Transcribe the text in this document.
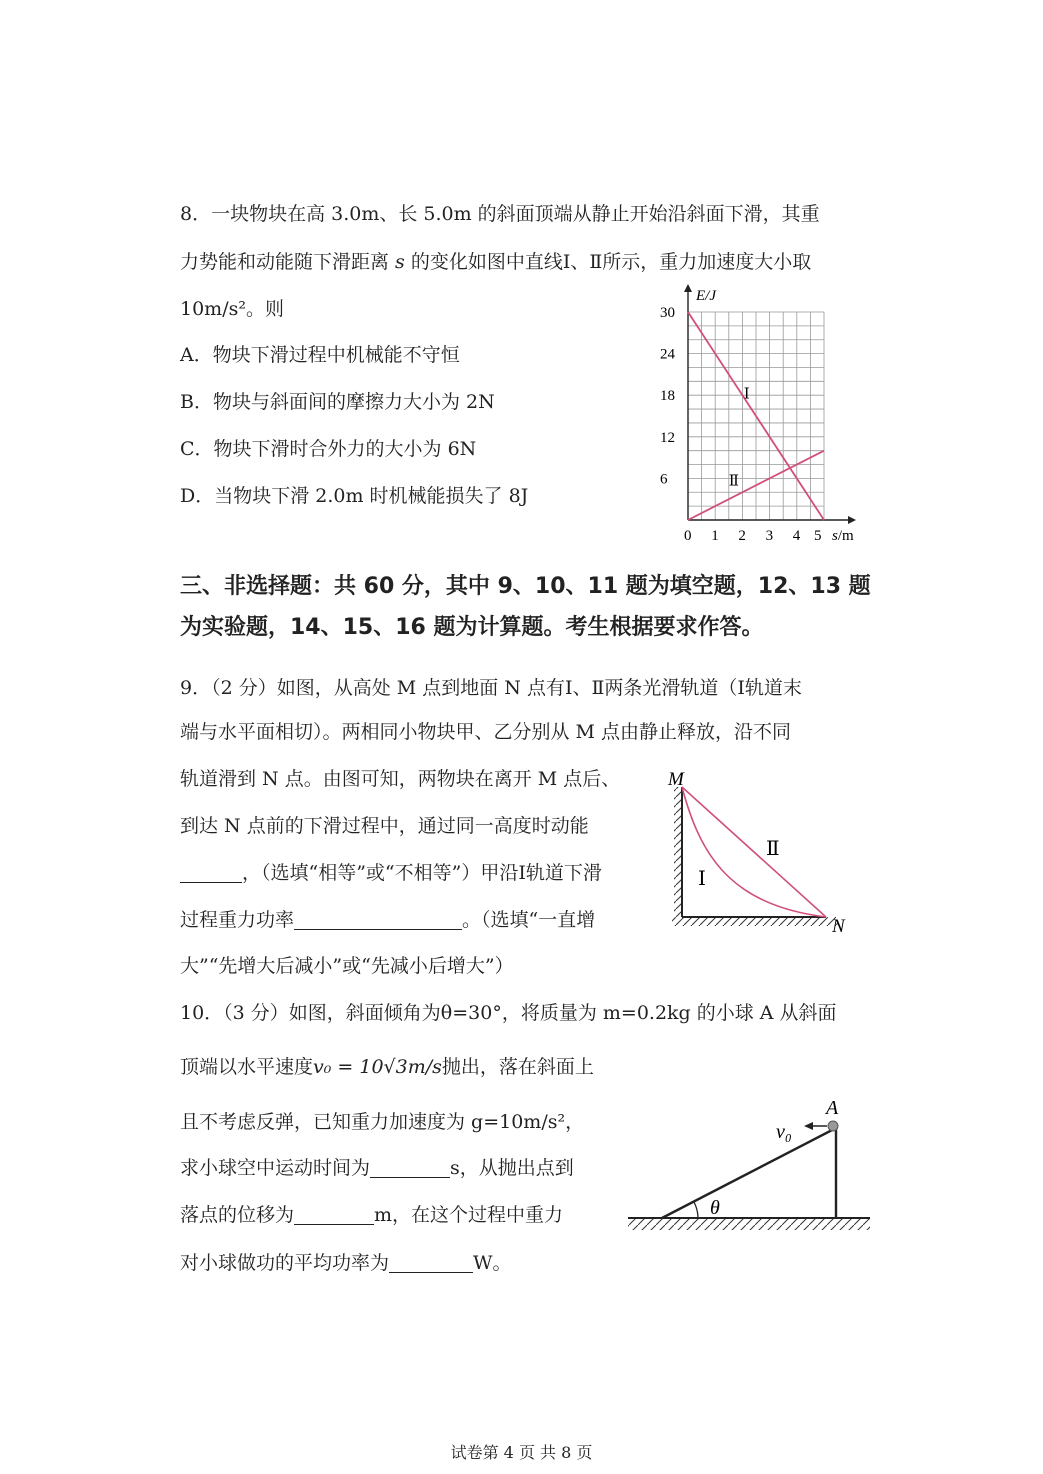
8．一块物块在高 3.0m、长 5.0m 的斜面顶端从静止开始沿斜面下滑，其重
力势能和动能随下滑距离 s 的变化如图中直线Ⅰ、Ⅱ所示，重力加速度大小取
10m/s²。则
A．物块下滑过程中机械能不守恒
B．物块与斜面间的摩擦力大小为 2N
C．物块下滑时合外力的大小为 6N
D．当物块下滑 2.0m 时机械能损失了 8J
E/J
s/m
0 1 2 3 4 5
6
12
18
24
30
Ⅰ
Ⅱ
三、非选择题：共 60 分，其中 9、10、11 题为填空题，12、13 题
为实验题，14、15、16 题为计算题。考生根据要求作答。
9．（2 分）如图，从高处 M 点到地面 N 点有Ⅰ、Ⅱ两条光滑轨道（Ⅰ轨道末
端与水平面相切）。两相同小物块甲、乙分别从 M 点由静止释放，沿不同
轨道滑到 N 点。由图可知，两物块在离开 M 点后、
到达 N 点前的下滑过程中，通过同一高度时动能
，（选填“相等”或“不相等”）甲沿Ⅰ轨道下滑
过程重力功率	。（选填“一直增
大”“先增大后减小”或“先减小后增大”）
M
N
Ⅰ
Ⅱ
10．（3 分）如图，斜面倾角为θ=30°，将质量为 m=0.2kg 的小球 A 从斜面
顶端以水平速度v₀ = 10√3m/s抛出，落在斜面上
且不考虑反弹，已知重力加速度为 g=10m/s²，
求小球空中运动时间为	s，从抛出点到
落点的位移为	m，在这个过程中重力
对小球做功的平均功率为	W。
θ
A
v₀
试卷第 4 页 共 8 页
